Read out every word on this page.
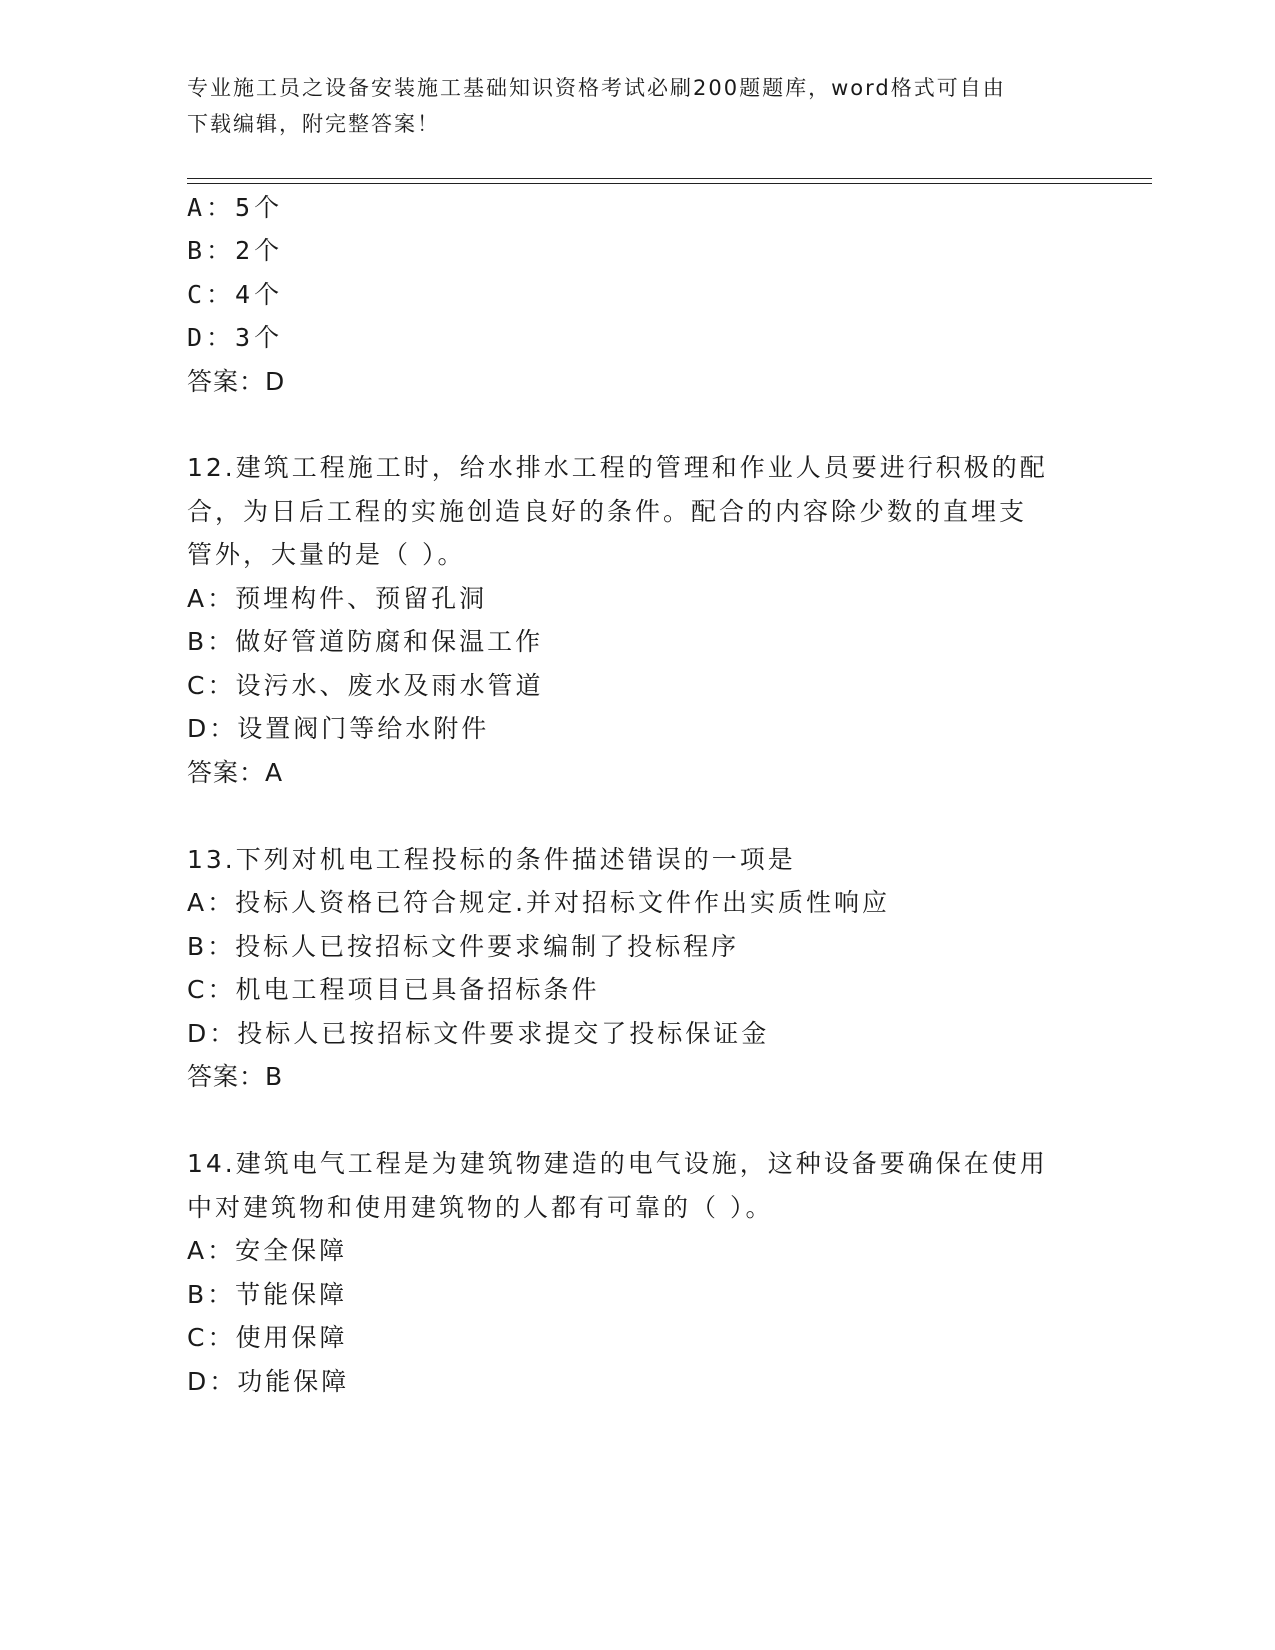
专业施工员之设备安装施工基础知识资格考试必刷200题题库，word格式可自由
下载编辑，附完整答案！
A：5个
B：2个
C：4个
D：3个
答案：D
12.建筑工程施工时，给水排水工程的管理和作业人员要进行积极的配
合，为日后工程的实施创造良好的条件。配合的内容除少数的直埋支
管外，大量的是（ ）。
A：预埋构件、预留孔洞
B：做好管道防腐和保温工作
C：设污水、废水及雨水管道
D：设置阀门等给水附件
答案：A
13.下列对机电工程投标的条件描述错误的一项是
A：投标人资格已符合规定.并对招标文件作出实质性响应
B：投标人已按招标文件要求编制了投标程序
C：机电工程项目已具备招标条件
D：投标人已按招标文件要求提交了投标保证金
答案：B
14.建筑电气工程是为建筑物建造的电气设施，这种设备要确保在使用
中对建筑物和使用建筑物的人都有可靠的（ ）。
A：安全保障
B：节能保障
C：使用保障
D：功能保障
